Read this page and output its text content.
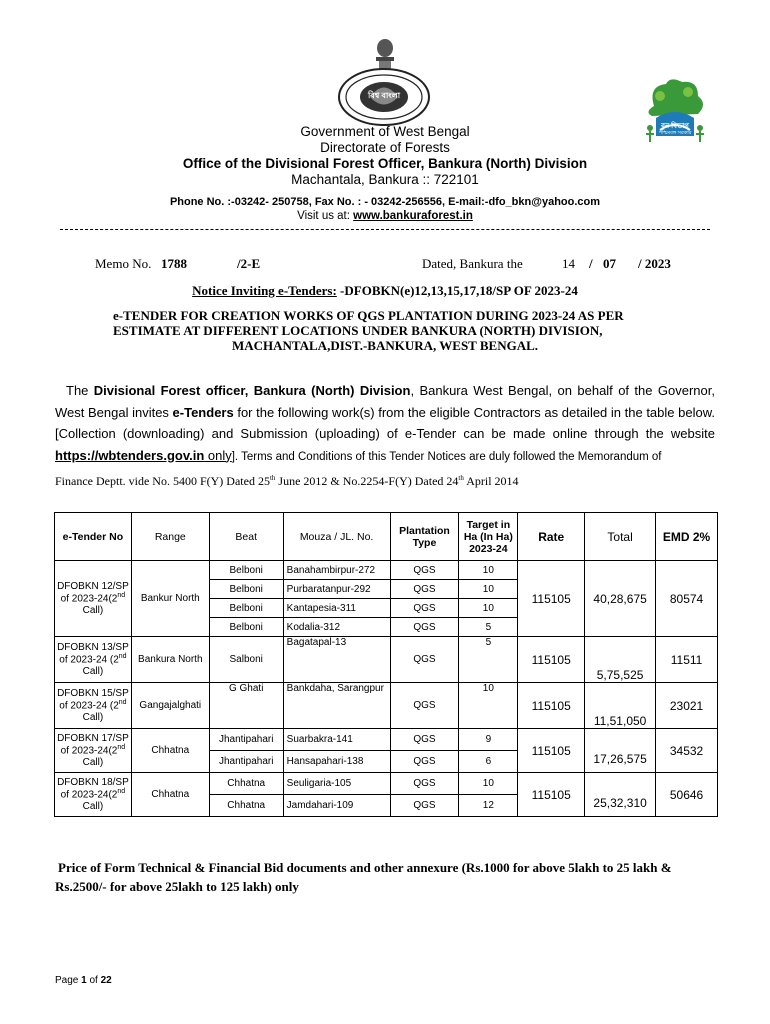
বিশ্ব বাংলা
বন বিভাগ
পশ্চিমবঙ্গ সরকার
Government of West Bengal
Directorate of Forests
Office of the Divisional Forest Officer, Bankura (North) Division
Machantala, Bankura :: 722101
Phone No. :-03242- 250758, Fax No. : - 03242-256556, E-mail:-dfo_bkn@yahoo.com
Visit us at: www.bankuraforest.in
Memo No. 1788	/2-E	Dated, Bankura the	14 / 07 / 2023
Notice Inviting e-Tenders: -DFOBKN(e)12,13,15,17,18/SP OF 2023-24
e-TENDER FOR CREATION WORKS OF QGS PLANTATION DURING 2023-24 AS PER
ESTIMATE AT DIFFERENT LOCATIONS UNDER BANKURA (NORTH) DIVISION,
MACHANTALA,DIST.-BANKURA, WEST BENGAL.
The Divisional Forest officer, Bankura (North) Division, Bankura West Bengal, on behalf of the Governor,
West Bengal invites e-Tenders for the following work(s) from the eligible Contractors as detailed in the table below.
[Collection (downloading) and Submission (uploading) of e-Tender can be made online through the website
https://wbtenders.gov.in only]. Terms and Conditions of this Tender Notices are duly followed the Memorandum of
Finance Deptt. vide No. 5400 F(Y) Dated 25th June 2012 & No.2254-F(Y) Dated 24th April 2014
e-Tender No	Range	Beat	Mouza / JL. No.	Plantation Type	Target in Ha (In Ha) 2023-24	Rate	Total	EMD 2%
DFOBKN 12/SP of 2023-24(2nd Call)	Bankur North	Belboni	Banahambirpur-272	QGS	10	115105	40,28,675	80574
		Belboni	Purbaratanpur-292	QGS	10			
		Belboni	Kantapesia-311	QGS	10			
		Belboni	Kodalia-312	QGS	5			
DFOBKN 13/SP of 2023-24 (2nd Call)	Bankura North	Salboni	Bagatapal-13	QGS	5	115105	5,75,525	11511
DFOBKN 15/SP of 2023-24 (2nd Call)	Gangajalghati	G Ghati	Bankdaha, Sarangpur	QGS	10	115105	11,51,050	23021
DFOBKN 17/SP of 2023-24(2nd Call)	Chhatna	Jhantipahari	Suarbakra-141	QGS	9	115105	17,26,575	34532
		Jhantipahari	Hansapahari-138	QGS	6			
DFOBKN 18/SP of 2023-24(2nd Call)	Chhatna	Chhatna	Seuligaria-105	QGS	10	115105	25,32,310	50646
		Chhatna	Jamdahari-109	QGS	12			
Price of Form Technical & Financial Bid documents and other annexure (Rs.1000 for above 5lakh to 25 lakh &
Rs.2500/- for above 25lakh to 125 lakh) only
Page 1 of 22
